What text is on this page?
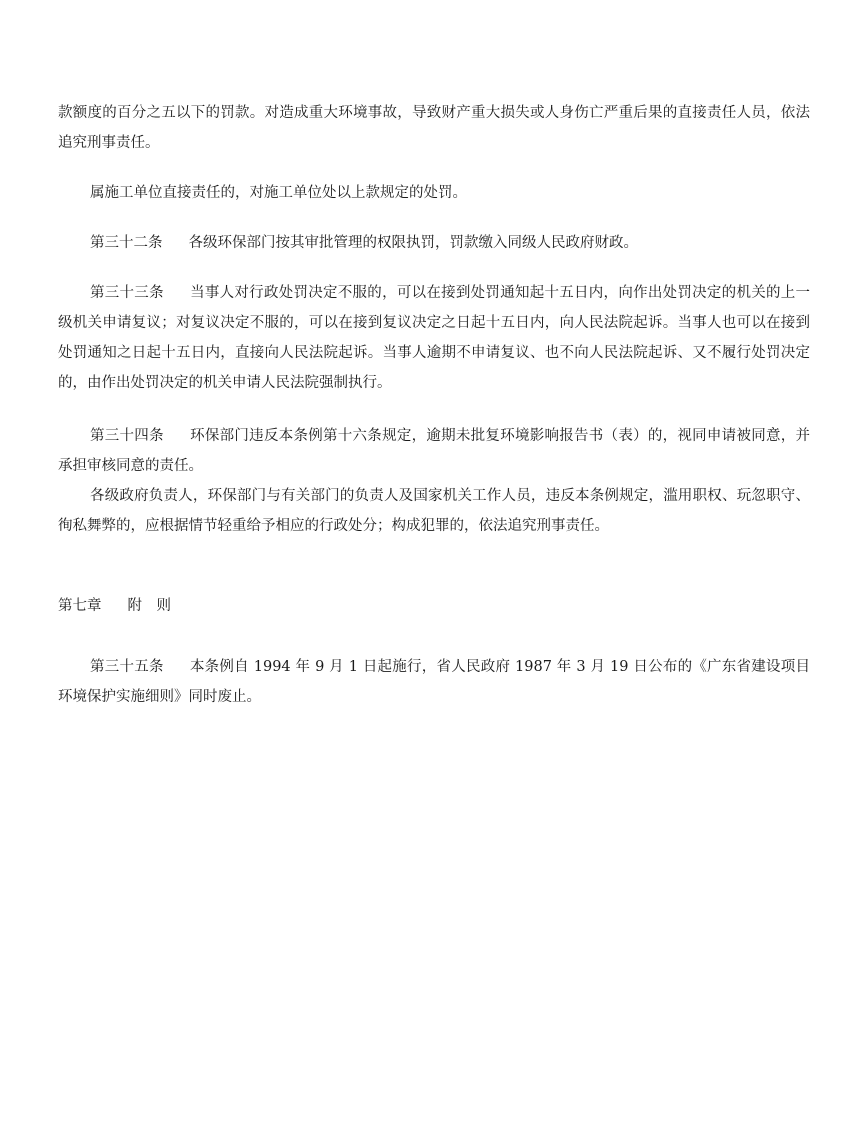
款额度的百分之五以下的罚款。对造成重大环境事故，导致财产重大损失或人身伤亡严重后果的直接责任人员，依法追究刑事责任。

属施工单位直接责任的，对施工单位处以上款规定的处罚。

第三十二条 各级环保部门按其审批管理的权限执罚，罚款缴入同级人民政府财政。

第三十三条 当事人对行政处罚决定不服的，可以在接到处罚通知起十五日内，向作出处罚决定的机关的上一级机关申请复议；对复议决定不服的，可以在接到复议决定之日起十五日内，向人民法院起诉。当事人也可以在接到处罚通知之日起十五日内，直接向人民法院起诉。当事人逾期不申请复议、也不向人民法院起诉、又不履行处罚决定的，由作出处罚决定的机关申请人民法院强制执行。

第三十四条 环保部门违反本条例第十六条规定，逾期未批复环境影响报告书（表）的，视同申请被同意，并承担审核同意的责任。

各级政府负责人，环保部门与有关部门的负责人及国家机关工作人员，违反本条例规定，滥用职权、玩忽职守、徇私舞弊的，应根据情节轻重给予相应的行政处分；构成犯罪的，依法追究刑事责任。

第七章 附　则

第三十五条 本条例自 1994 年 9 月 1 日起施行，省人民政府 1987 年 3 月 19 日公布的《广东省建设项目环境保护实施细则》同时废止。
